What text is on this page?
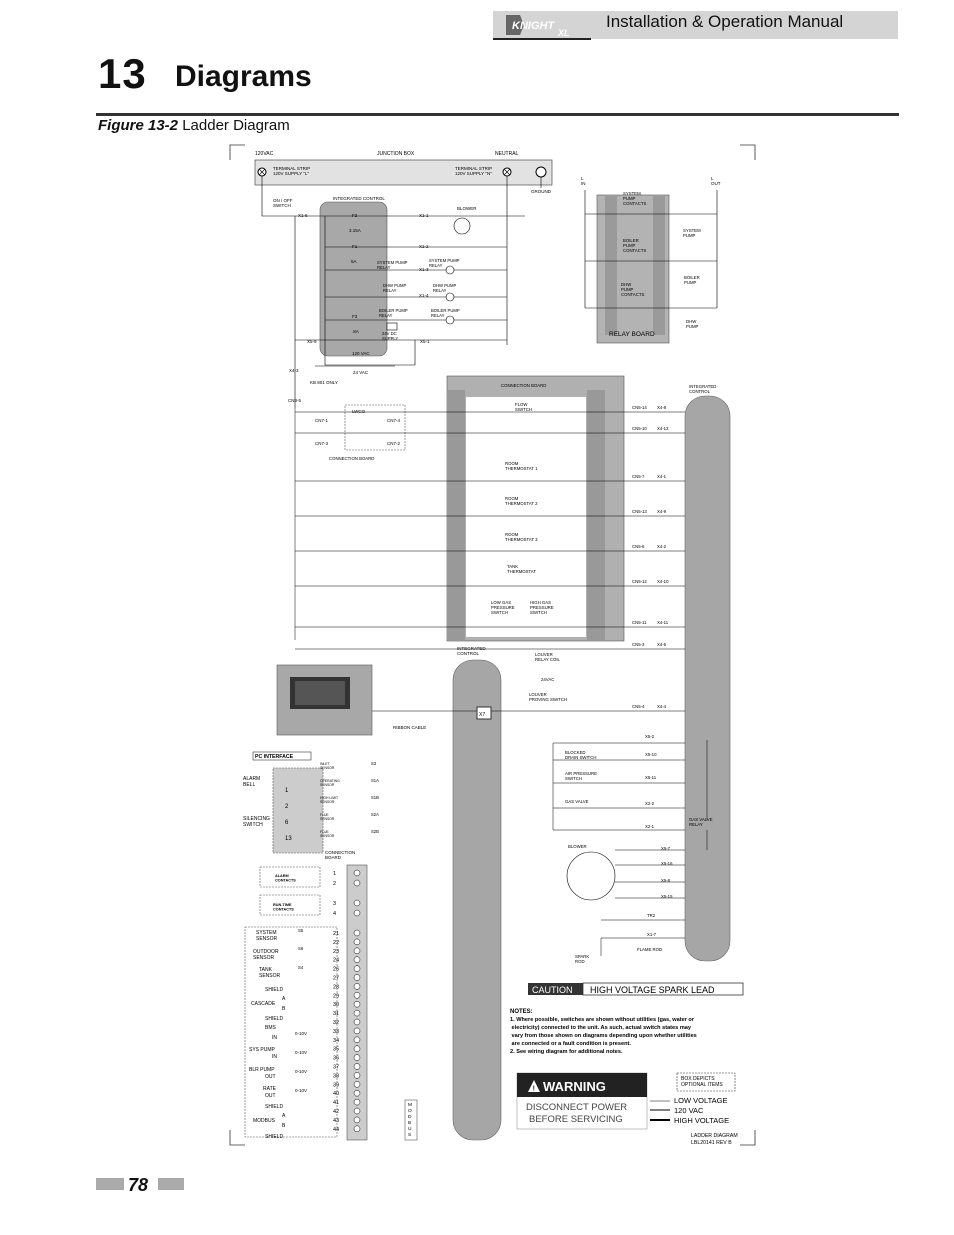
KNIGHT
XL
Installation & Operation Manual
13 Diagrams
Figure 13-2 Ladder Diagram
120VAC	JUNCTION BOX	NEUTRAL
GROUND
TERMINAL STRIP 120V SUPPLY "L"
TERMINAL STRIP 120V SUPPLY "N"
ON / OFF SWITCH
INTEGRATED CONTROL
F2
3.15A
F1
5A
F3
.8A
BLOWER
SYSTEM PUMP RELAY
DHW PUMP RELAY
BOILER PUMP RELAY
SYSTEM PUMP RELAY
DHW PUMP RELAY
BOILER PUMP RELAY
24V DC SUPPLY
120 VAC
24 VAC
KB 801 ONLY
X1-6	X1-1
X1-2
X1-3
X1-4
X5-9	X5-1
X4-3
CN3-5
L IN
L OUT
RELAY BOARD
SYSTEM PUMP CONTACTS
BOILER PUMP CONTACTS
DHW PUMP CONTACTS
SYSTEM PUMP
BOILER PUMP
DHW PUMP
CONNECTION BOARD
LWCO
CONNECTION BOARD
CN7-1	CN7-4
CN7-3	CN7-2
FLOW SWITCH
ROOM THERMOSTAT 1
ROOM THERMOSTAT 2
ROOM THERMOSTAT 3
TANK THERMOSTAT
LOW GAS PRESSURE SWITCH
HIGH GAS PRESSURE SWITCH
LOUVER RELAY COIL
24VAC
LOUVER PROVING SWITCH
INTEGRATED CONTROL
INTEGRATED CONTROL
RIBBON CABLE
CN5-14 X4-8
CN5-10 X4-12
CN5-7	X4-1
CN5-13 X4-9
CN5-6	X4-2
CN5-12 X4-10
CN5-11 X4-11
CN5-3	X4-5
CN5-4	X4-4
BLOCKED DRAIN SWITCH
AIR PRESSURE SWITCH
GAS VALVE
GAS VALVE RELAY
BLOWER
SPARK ROD
FLAME ROD
X5-2
X5-10
X5-11
X2-2
X2-1
X5-7
X5-16
X5-8
X5-15
TR2
X1-7
CAUTION HIGH VOLTAGE SPARK LEAD
NOTES:
1. Where possible, switches are shown without utilities (gas, water or electricity) connected to the unit. As such, actual switch states may vary from those shown on diagrams depending upon whether utilities are connected or a fault condition is present.
2. See wiring diagram for additional notes.
! WARNING
DISCONNECT POWER
BEFORE SERVICING
BOX DEPICTS OPTIONAL ITEMS
LOW VOLTAGE
120 VAC
HIGH VOLTAGE
LADDER DIAGRAM LBL20141 REV B
X7
PC INTERFACE
ALARM BELL
SILENCING SWITCH
1
2
6
13
INLET SENSOR
S3
OPERATING SENSOR
S1A
HIGH LIMIT SENSOR
S1B
FLUE SENSOR
S2A
FLUE SENSOR
S2B
CONNECTION BOARD
1
2
3
4
21
22
23
24
26
27
28
29
30
31
32
33
34
35
36
37
38
39
40
41
42
43
44
ALARM CONTACTS
RUN-TIME CONTACTS
SYSTEM SENSOR
OUTDOOR SENSOR
TANK SENSOR
S5
S6
S4
SHIELD
CASCADE
A
B
SHIELD
BMS
IN
0-10V
SYS PUMP
IN
0-10V
BLR PUMP
OUT
0-10V
RATE
OUT
0-10V
SHIELD
MODBUS
A
B
SHIELD
M O D B U S
78
